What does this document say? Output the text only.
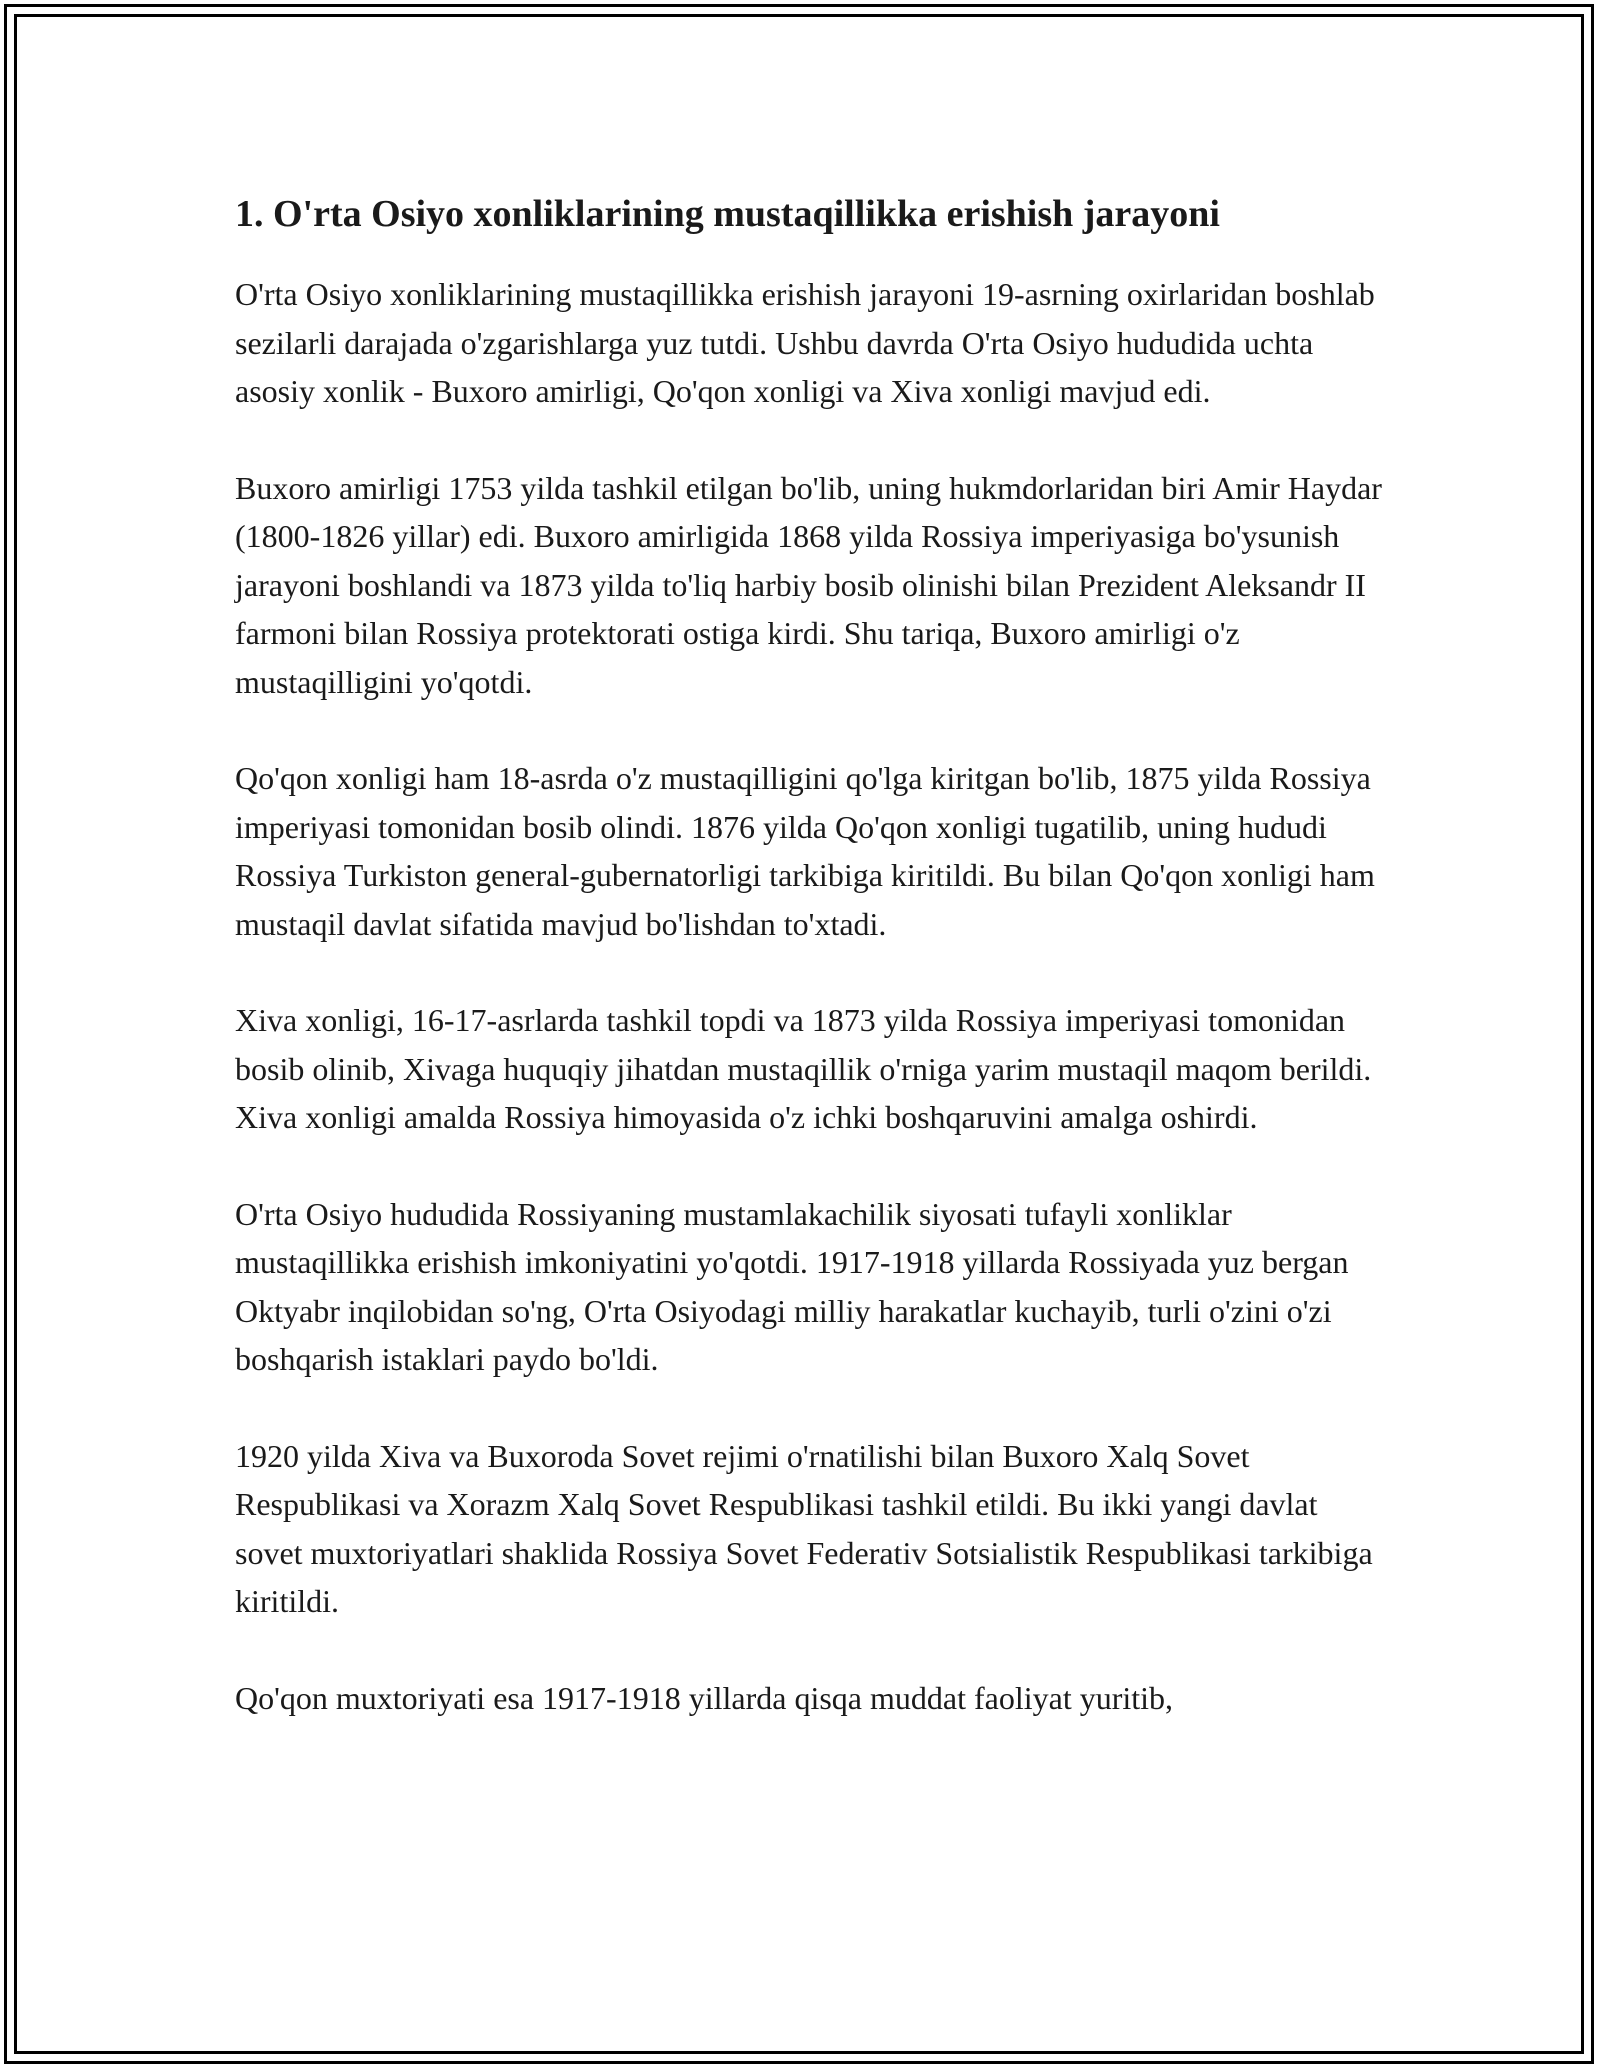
1. O'rta Osiyo xonliklarining mustaqillikka erishish jarayoni

O'rta Osiyo xonliklarining mustaqillikka erishish jarayoni 19-asrning oxirlaridan boshlab sezilarli darajada o'zgarishlarga yuz tutdi. Ushbu davrda O'rta Osiyo hududida uchta asosiy xonlik - Buxoro amirligi, Qo'qon xonligi va Xiva xonligi mavjud edi.

Buxoro amirligi 1753 yilda tashkil etilgan bo'lib, uning hukmdorlaridan biri Amir Haydar (1800-1826 yillar) edi. Buxoro amirligida 1868 yilda Rossiya imperiyasiga bo'ysunish jarayoni boshlandi va 1873 yilda to'liq harbiy bosib olinishi bilan Prezident Aleksandr II farmoni bilan Rossiya protektorati ostiga kirdi. Shu tariqa, Buxoro amirligi o'z mustaqilligini yo'qotdi.

Qo'qon xonligi ham 18-asrda o'z mustaqilligini qo'lga kiritgan bo'lib, 1875 yilda Rossiya imperiyasi tomonidan bosib olindi. 1876 yilda Qo'qon xonligi tugatilib, uning hududi Rossiya Turkiston general-gubernatorligi tarkibiga kiritildi. Bu bilan Qo'qon xonligi ham mustaqil davlat sifatida mavjud bo'lishdan to'xtadi.

Xiva xonligi, 16-17-asrlarda tashkil topdi va 1873 yilda Rossiya imperiyasi tomonidan bosib olinib, Xivaga huquqiy jihatdan mustaqillik o'rniga yarim mustaqil maqom berildi. Xiva xonligi amalda Rossiya himoyasida o'z ichki boshqaruvini amalga oshirdi.

O'rta Osiyo hududida Rossiyaning mustamlakachilik siyosati tufayli xonliklar mustaqillikka erishish imkoniyatini yo'qotdi. 1917-1918 yillarda Rossiyada yuz bergan Oktyabr inqilobidan so'ng, O'rta Osiyodagi milliy harakatlar kuchayib, turli o'zini o'zi boshqarish istaklari paydo bo'ldi.

1920 yilda Xiva va Buxoroda Sovet rejimi o'rnatilishi bilan Buxoro Xalq Sovet Respublikasi va Xorazm Xalq Sovet Respublikasi tashkil etildi. Bu ikki yangi davlat sovet muxtoriyatlari shaklida Rossiya Sovet Federativ Sotsialistik Respublikasi tarkibiga kiritildi.

Qo'qon muxtoriyati esa 1917-1918 yillarda qisqa muddat faoliyat yuritib,
